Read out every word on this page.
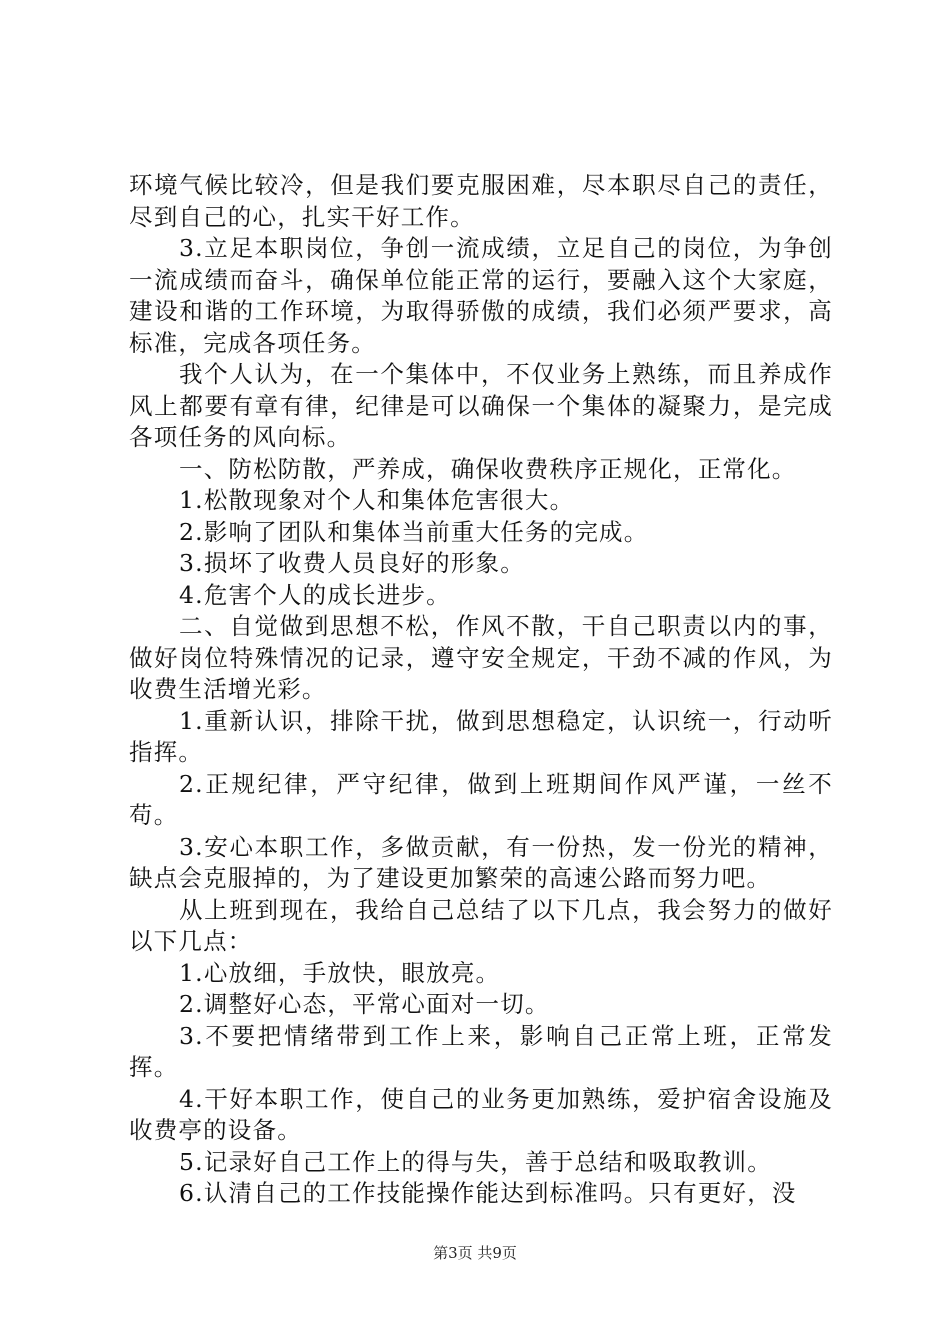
环境气候比较冷，但是我们要克服困难，尽本职尽自己的责任，尽到自己的心，扎实干好工作。

3.立足本职岗位，争创一流成绩，立足自己的岗位，为争创一流成绩而奋斗，确保单位能正常的运行，要融入这个大家庭，建设和谐的工作环境，为取得骄傲的成绩，我们必须严要求，高标准，完成各项任务。

我个人认为，在一个集体中，不仅业务上熟练，而且养成作风上都要有章有律，纪律是可以确保一个集体的凝聚力，是完成各项任务的风向标。

一、防松防散，严养成，确保收费秩序正规化，正常化。

1.松散现象对个人和集体危害很大。

2.影响了团队和集体当前重大任务的完成。

3.损坏了收费人员良好的形象。

4.危害个人的成长进步。

二、自觉做到思想不松，作风不散，干自己职责以内的事，做好岗位特殊情况的记录，遵守安全规定，干劲不减的作风，为收费生活增光彩。

1.重新认识，排除干扰，做到思想稳定，认识统一，行动听指挥。

2.正规纪律，严守纪律，做到上班期间作风严谨，一丝不苟。

3.安心本职工作，多做贡献，有一份热，发一份光的精神，缺点会克服掉的，为了建设更加繁荣的高速公路而努力吧。

从上班到现在，我给自己总结了以下几点，我会努力的做好以下几点：

1.心放细，手放快，眼放亮。

2.调整好心态，平常心面对一切。

3.不要把情绪带到工作上来，影响自己正常上班，正常发挥。

4.干好本职工作，使自己的业务更加熟练，爱护宿舍设施及收费亭的设备。

5.记录好自己工作上的得与失，善于总结和吸取教训。

6.认清自己的工作技能操作能达到标准吗。只有更好，没

第3页 共9页
